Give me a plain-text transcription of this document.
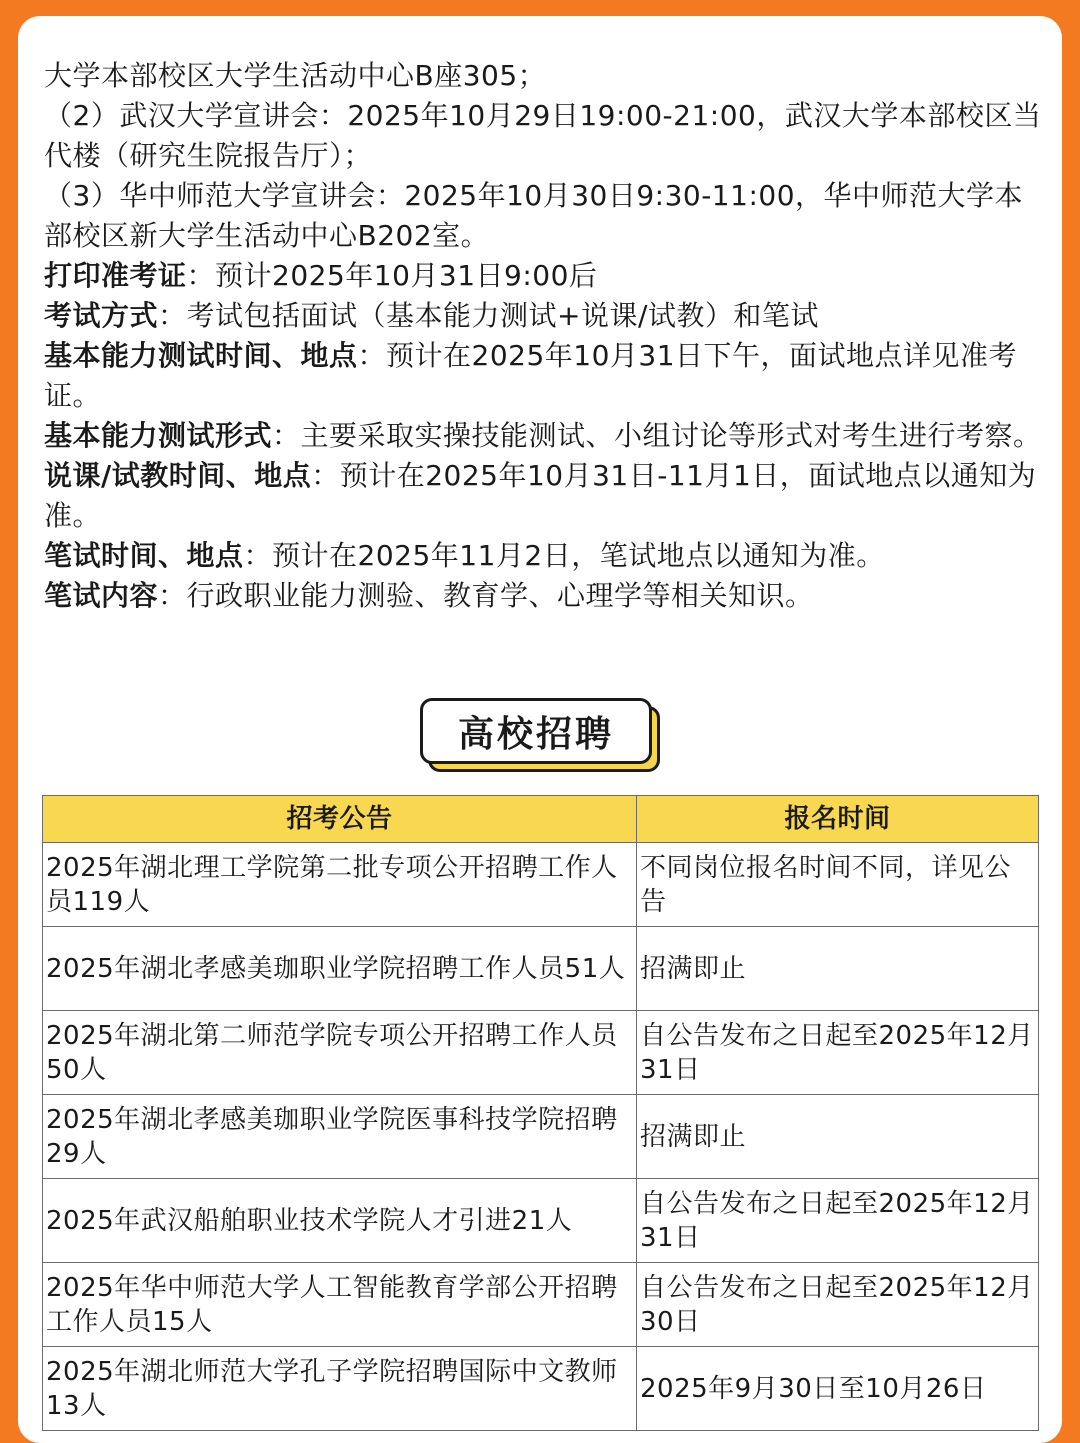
大学本部校区大学生活动中心B座305；

（2）武汉大学宣讲会：2025年10月29日19:00-21:00，武汉大学本部校区当代楼（研究生院报告厅）；

（3）华中师范大学宣讲会：2025年10月30日9:30-11:00，华中师范大学本部校区新大学生活动中心B202室。

打印准考证：预计2025年10月31日9:00后

考试方式：考试包括面试（基本能力测试+说课/试教）和笔试

基本能力测试时间、地点：预计在2025年10月31日下午，面试地点详见准考证。

基本能力测试形式：主要采取实操技能测试、小组讨论等形式对考生进行考察。

说课/试教时间、地点：预计在2025年10月31日-11月1日，面试地点以通知为准。

笔试时间、地点：预计在2025年11月2日，笔试地点以通知为准。

笔试内容：行政职业能力测验、教育学、心理学等相关知识。

高校招聘
招考公告	报名时间
2025年湖北理工学院第二批专项公开招聘工作人员119人	不同岗位报名时间不同，详见公告
2025年湖北孝感美珈职业学院招聘工作人员51人	招满即止
2025年湖北第二师范学院专项公开招聘工作人员50人	自公告发布之日起至2025年12月31日
2025年湖北孝感美珈职业学院医事科技学院招聘29人	招满即止
2025年武汉船舶职业技术学院人才引进21人	自公告发布之日起至2025年12月31日
2025年华中师范大学人工智能教育学部公开招聘工作人员15人	自公告发布之日起至2025年12月30日
2025年湖北师范大学孔子学院招聘国际中文教师13人	2025年9月30日至10月26日
